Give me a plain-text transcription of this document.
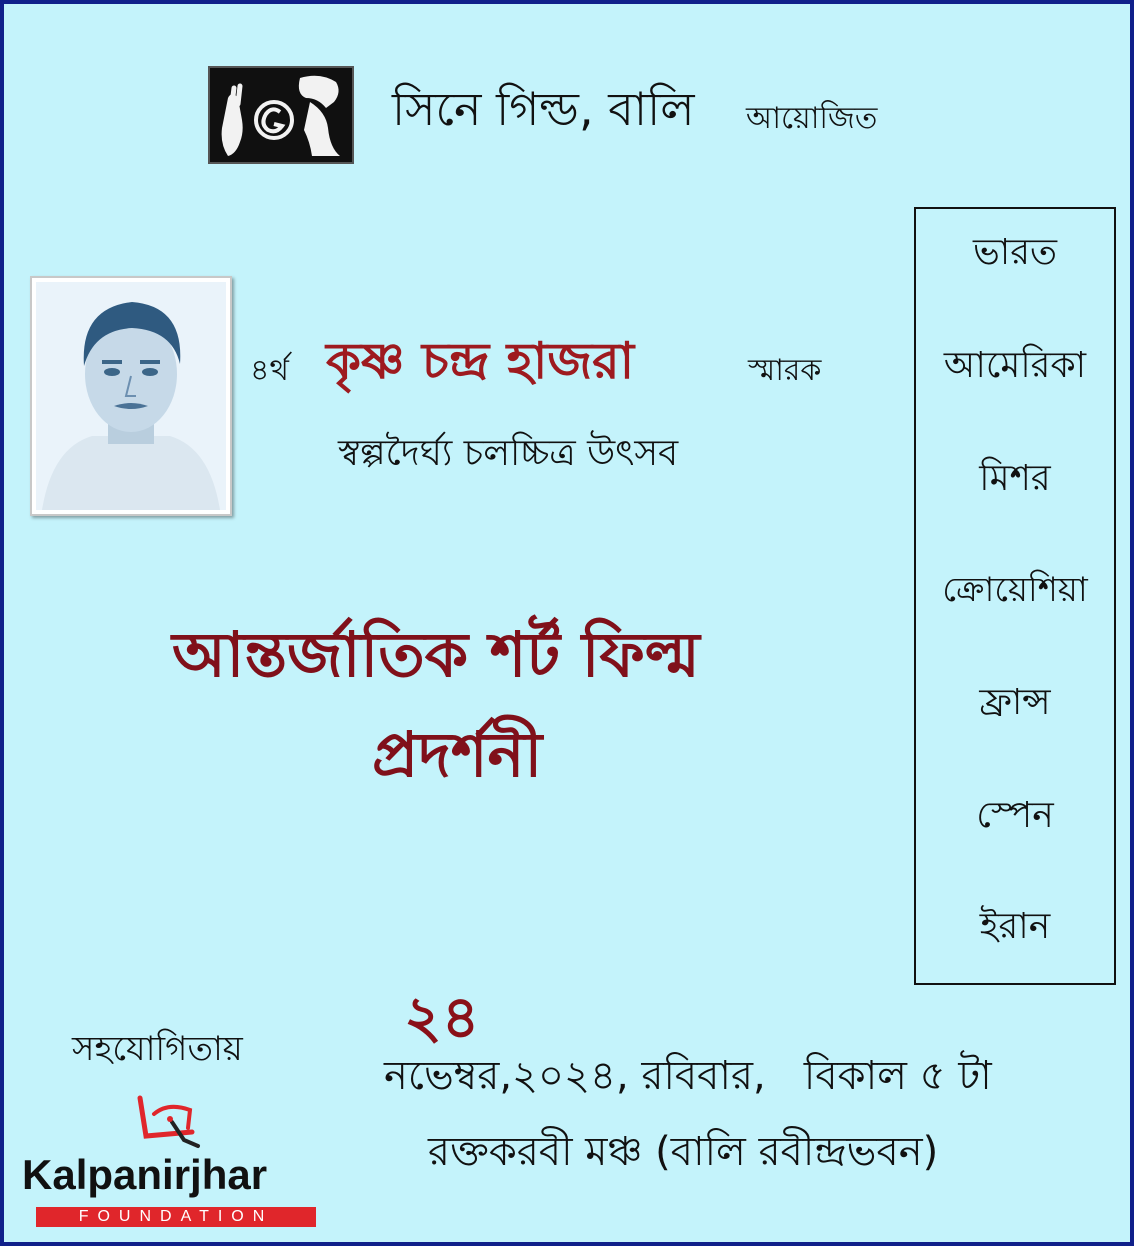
সিনে গিল্ড, বালি আয়োজিত
৪র্থ কৃষ্ণ চন্দ্র হাজরা	স্মারক
স্বল্পদৈর্ঘ্য চলচ্চিত্র উৎসব
আন্তর্জাতিক শর্ট ফিল্ম
প্রদর্শনী
ভারত
আমেরিকা
মিশর
ক্রোয়েশিয়া
ফ্রান্স
স্পেন
ইরান
২৪
নভেম্বর,২০২৪, রবিবার,   বিকাল ৫ টা
রক্তকরবী মঞ্চ (বালি রবীন্দ্রভবন)
সহযোগিতায়
Kalpanirjhar
FOUNDATION
